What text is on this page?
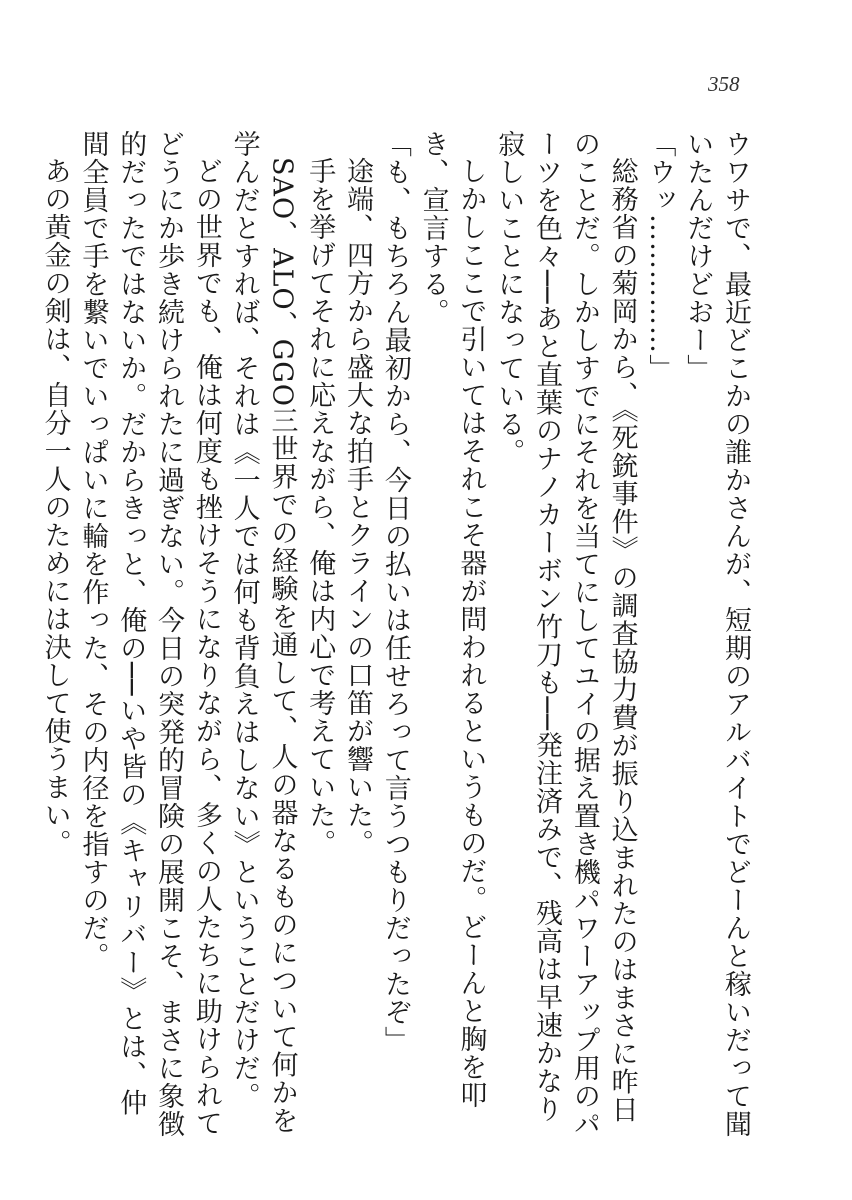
358

ウワサで、最近どこかの誰かさんが、短期のアルバイトでどーんと稼いだって聞いたんだけどおー」

「ウッ……………」

総務省の菊岡から、《死銃事件》の調査協力費が振り込まれたのはまさに昨日のことだ。しかしすでにそれを当てにしてユイの据え置き機パワーアップ用のパーツを色々──あと直葉のナノカーボン竹刀も──発注済みで、残高は早速かなり寂しいことになっている。

しかしここで引いてはそれこそ器が問われるというものだ。どーんと胸を叩き、宣言する。

「も、もちろん最初から、今日の払いは任せろって言うつもりだったぞ」

途端、四方から盛大な拍手とクラインの口笛が響いた。

手を挙げてそれに応えながら、俺は内心で考えていた。

SAO、ALO、GGO三世界での経験を通して、人の器なるものについて何かを学んだとすれば、それは《一人では何も背負えはしない》ということだけだ。

どの世界でも、俺は何度も挫けそうになりながら、多くの人たちに助けられてどうにか歩き続けられたに過ぎない。今日の突発的冒険の展開こそ、まさに象徴的だったではないか。だからきっと、俺の──いや皆の《キャリバー》とは、仲間全員で手を繋いでいっぱいに輪を作った、その内径を指すのだ。

あの黄金の剣は、自分一人のためには決して使うまい。
